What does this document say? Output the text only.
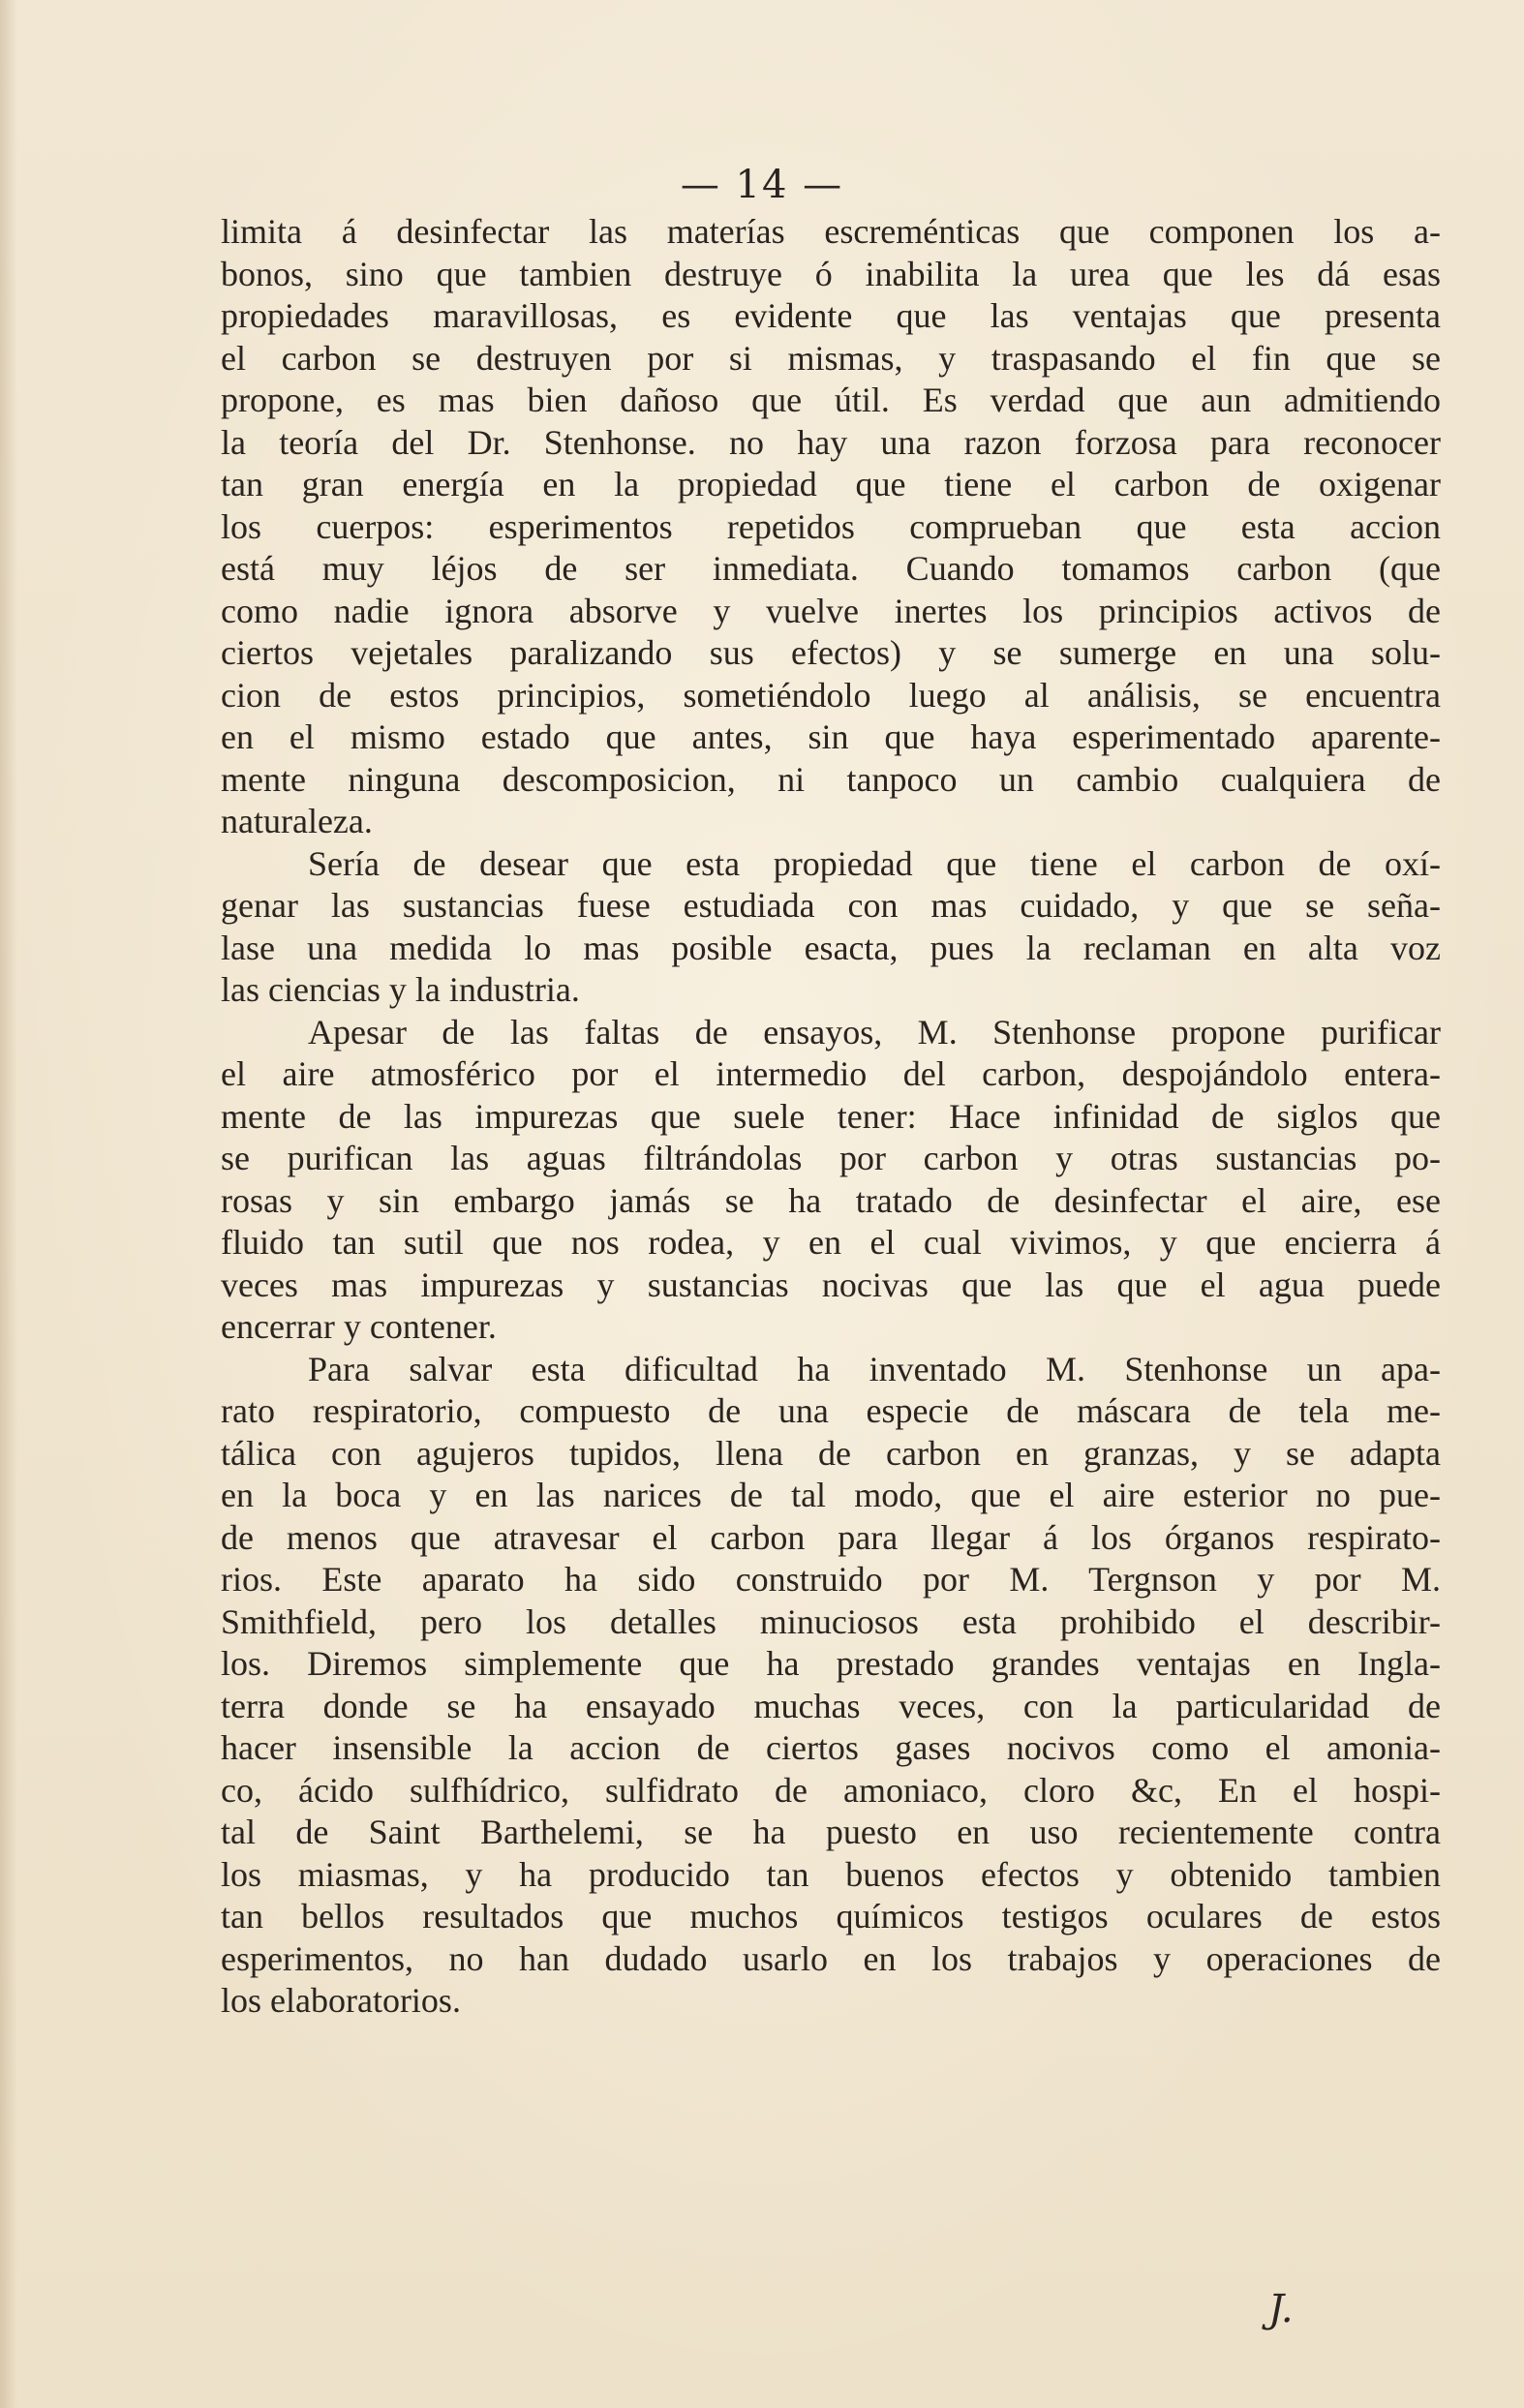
— 14 —
limita á desinfectar las materías escreménticas que componen los a-
bonos, sino que tambien destruye ó inabilita la urea que les dá esas
propiedades maravillosas, es evidente que las ventajas que presenta
el carbon se destruyen por si mismas, y traspasando el fin que se
propone, es mas bien dañoso que útil. Es verdad que aun admitiendo
la teoría del Dr. Stenhonse. no hay una razon forzosa para reconocer
tan gran energía en la propiedad que tiene el carbon de oxigenar
los cuerpos: esperimentos repetidos comprueban que esta accion
está muy léjos de ser inmediata. Cuando tomamos carbon (que
como nadie ignora absorve y vuelve inertes los principios activos de
ciertos vejetales paralizando sus efectos) y se sumerge en una solu-
cion de estos principios, sometiéndolo luego al análisis, se encuentra
en el mismo estado que antes, sin que haya esperimentado aparente-
mente ninguna descomposicion, ni tanpoco un cambio cualquiera de
naturaleza.
Sería de desear que esta propiedad que tiene el carbon de oxí-
genar las sustancias fuese estudiada con mas cuidado, y que se seña-
lase una medida lo mas posible esacta, pues la reclaman en alta voz
las ciencias y la industria.
Apesar de las faltas de ensayos, M. Stenhonse propone purificar
el aire atmosférico por el intermedio del carbon, despojándolo entera-
mente de las impurezas que suele tener: Hace infinidad de siglos que
se purifican las aguas filtrándolas por carbon y otras sustancias po-
rosas y sin embargo jamás se ha tratado de desinfectar el aire, ese
fluido tan sutil que nos rodea, y en el cual vivimos, y que encierra á
veces mas impurezas y sustancias nocivas que las que el agua puede
encerrar y contener.
Para salvar esta dificultad ha inventado M. Stenhonse un apa-
rato respiratorio, compuesto de una especie de máscara de tela me-
tálica con agujeros tupidos, llena de carbon en granzas, y se adapta
en la boca y en las narices de tal modo, que el aire esterior no pue-
de menos que atravesar el carbon para llegar á los órganos respirato-
rios. Este aparato ha sido construido por M. Tergnson y por M.
Smithfield, pero los detalles minuciosos esta prohibido el describir-
los. Diremos simplemente que ha prestado grandes ventajas en Ingla-
terra donde se ha ensayado muchas veces, con la particularidad de
hacer insensible la accion de ciertos gases nocivos como el amonia-
co, ácido sulfhídrico, sulfidrato de amoniaco, cloro &c, En el hospi-
tal de Saint Barthelemi, se ha puesto en uso recientemente contra
los miasmas, y ha producido tan buenos efectos y obtenido tambien
tan bellos resultados que muchos químicos testigos oculares de estos
esperimentos, no han dudado usarlo en los trabajos y operaciones de
los elaboratorios.
J.
